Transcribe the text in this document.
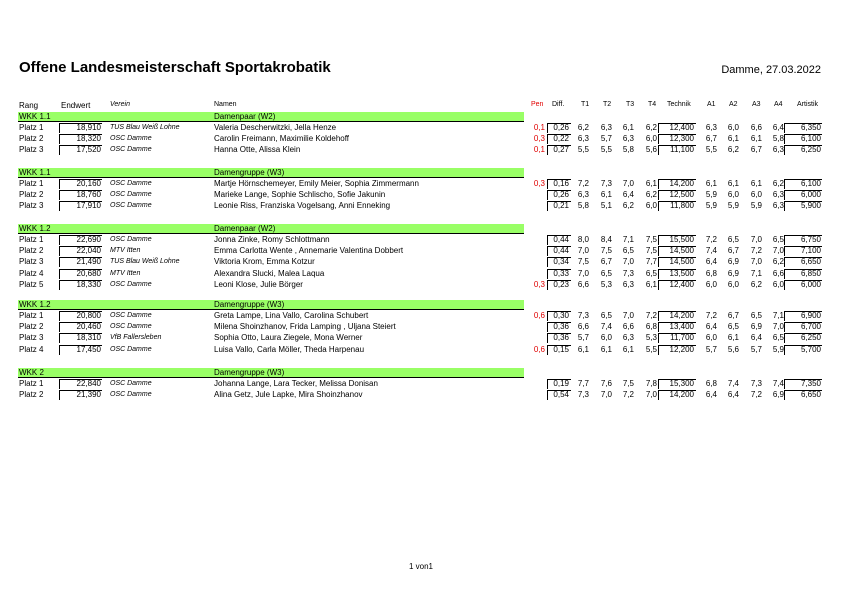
Offene Landesmeisterschaft Sportakrobatik	Damme, 27.03.2022
Rang	Endwert	Verein	Namen	Pen Diff. T1 T2 T3 T4 Technik A1 A2 A3 A4 Artistik
WKK 1.1	Damenpaar (W2)
Platz 1	18,910 TUS Blau Weiß Lohne	Valeria Descherwitzki, Jella Henze	0,1	0,26 6,2 6,3 6,1 6,2	12,400 6,3 6,0 6,6 6,4	6,350
Platz 2	18,320 OSC Damme	Carolin Freimann, Maximilie Koldehoff	0,3	0,22 6,3 5,7 6,3 6,0	12,300 6,7 6,1 6,1 5,8	6,100
Platz 3	17,520 OSC Damme	Hanna Otte, Alissa Klein	0,1	0,27 5,5 5,5 5,8 5,6	11,100 5,5 6,2 6,7 6,3	6,250
WKK 1.1	Damengruppe (W3)
Platz 1	20,160 OSC Damme	Martje Hörnschemeyer, Emily Meier, Sophia Zimmermann	0,3	0,16 7,2 7,3 7,0 6,1	14,200 6,1 6,1 6,1 6,2	6,100
Platz 2	18,760 OSC Damme	Marieke Lange, Sophie Schlischo, Sofie Jakunin	0,26 6,3 6,1 6,4 6,2	12,500 5,9 6,0 6,0 6,3	6,000
Platz 3	17,910 OSC Damme	Leonie Riss, Franziska Vogelsang, Anni Enneking	0,21 5,8 5,1 6,2 6,0	11,800 5,9 5,9 5,9 6,3	5,900
WKK 1.2	Damenpaar (W2)
Platz 1	22,690 OSC Damme	Jonna Zinke, Romy Schlottmann	0,44 8,0 8,4 7,1 7,5	15,500 7,2 6,5 7,0 6,5	6,750
Platz 2	22,040 MTV Itten	Emma Carlotta Wente , Annemarie Valentina Dobbert	0,44 7,0 7,5 6,5 7,5	14,500 7,4 6,7 7,2 7,0	7,100
Platz 3	21,490 TUS Blau Weiß Lohne	Viktoria Krom, Emma Kotzur	0,34 7,5 6,7 7,0 7,7	14,500 6,4 6,9 7,0 6,2	6,650
Platz 4	20,680 MTV Itten	Alexandra Slucki, Malea Laqua	0,33 7,0 6,5 7,3 6,5	13,500 6,8 6,9 7,1 6,6	6,850
Platz 5	18,330 OSC Damme	Leoni Klose, Julie Börger	0,3	0,23 6,6 5,3 6,3 6,1	12,400 6,0 6,0 6,2 6,0	6,000
WKK 1.2	Damengruppe (W3)
Platz 1	20,800 OSC Damme	Greta Lampe, Lina Vallo, Carolina Schubert	0,6	0,30 7,3 6,5 7,0 7,2	14,200 7,2 6,7 6,5 7,1	6,900
Platz 2	20,460 OSC Damme	Milena Shoinzhanov, Frida Lamping , Uljana Steiert	0,36 6,6 7,4 6,6 6,8	13,400 6,4 6,5 6,9 7,0	6,700
Platz 3	18,310 VfB Fallersleben	Sophia Otto, Laura Ziegele, Mona Werner	0,36 5,7 6,0 6,3 5,3	11,700 6,0 6,1 6,4 6,5	6,250
Platz 4	17,450 OSC Damme	Luisa Vallo, Carla Möller, Theda Harpenau	0,6	0,15 6,1 6,1 6,1 5,5	12,200 5,7 5,6 5,7 5,9	5,700
WKK 2	Damengruppe (W3)
Platz 1	22,840 OSC Damme	Johanna Lange, Lara Tecker, Melissa Donisan	0,19 7,7 7,6 7,5 7,8	15,300 6,8 7,4 7,3 7,4	7,350
Platz 2	21,390 OSC Damme	Alina Getz, Jule Lapke, Mira Shoinzhanov	0,54 7,3 7,0 7,2 7,0	14,200 6,4 6,4 7,2 6,9	6,650
1 von1
